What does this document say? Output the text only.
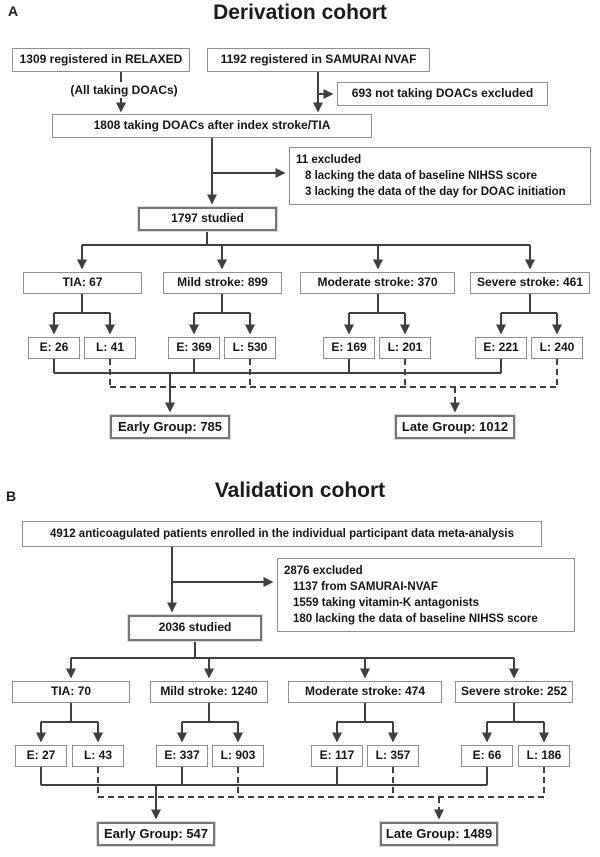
A	Derivation cohort
1309 registered in RELAXED	1192 registered in SAMURAI NVAF
(All taking DOACs)	693 not taking DOACs excluded
1808 taking DOACs after index stroke/TIA
11 excluded
8 lacking the data of baseline NIHSS score
3 lacking the data of the day for DOAC initiation
1797 studied
TIA: 67	Mild stroke: 899	Moderate stroke: 370	Severe stroke: 461
E: 26	L: 41	E: 369	L: 530	E: 169	L: 201	E: 221	L: 240
Early Group: 785	Late Group: 1012
B	Validation cohort
4912 anticoagulated patients enrolled in the individual participant data meta-analysis
2876 excluded
1137 from SAMURAI-NVAF
1559 taking vitamin-K antagonists
180 lacking the data of baseline NIHSS score
2036 studied
TIA: 70	Mild stroke: 1240	Moderate stroke: 474	Severe stroke: 252
E: 27	L: 43	E: 337	L: 903	E: 117	L: 357	E: 66	L: 186
Early Group: 547	Late Group: 1489
